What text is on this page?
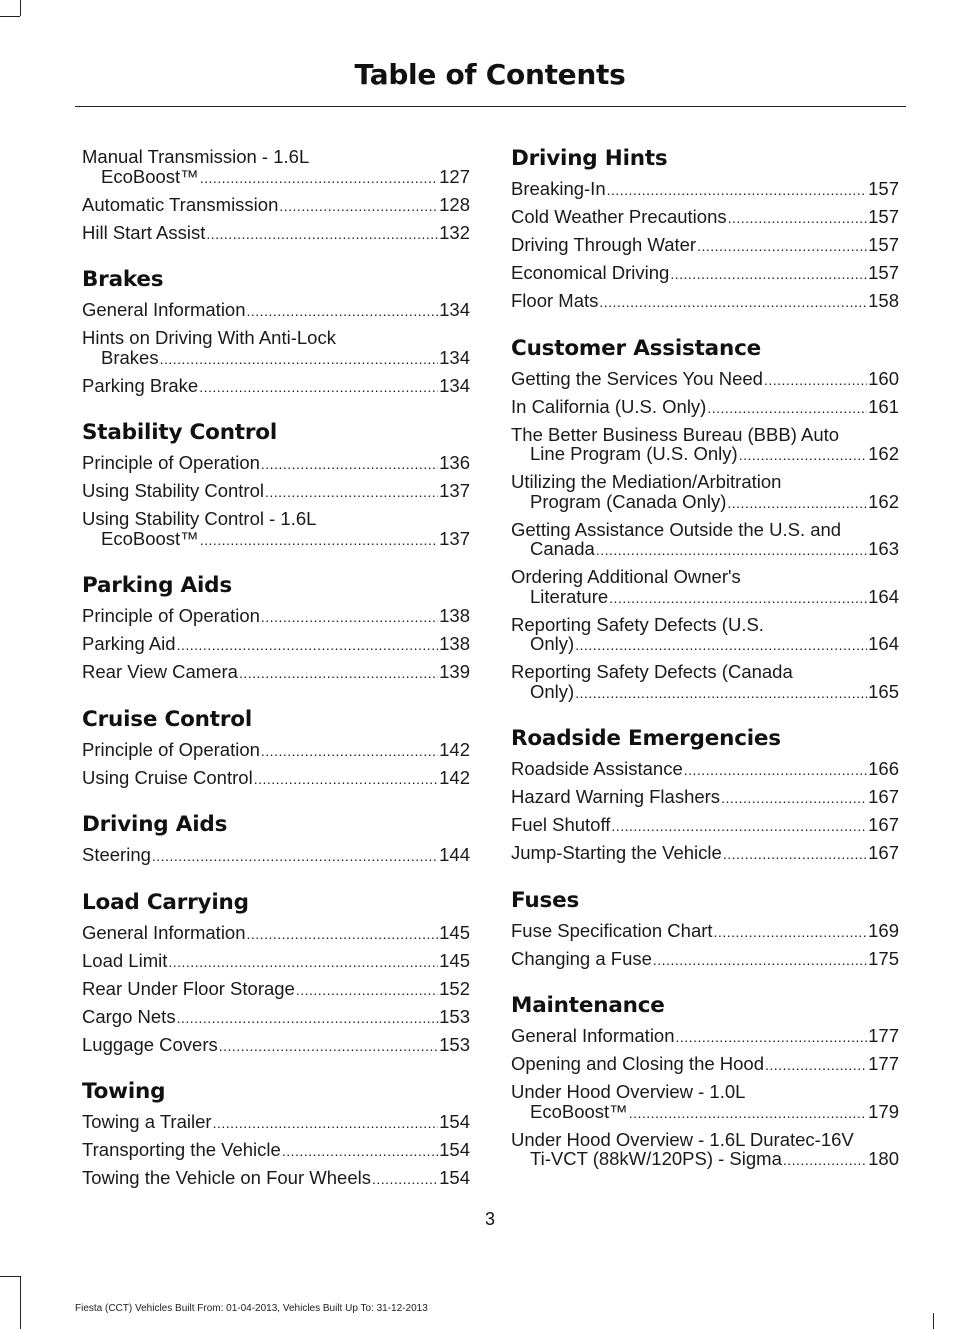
Table of Contents
Manual Transmission - 1.6L
EcoBoost™ .....	127
Automatic Transmission .....	128
Hill Start Assist .....	132
Brakes
General Information .....	134
Hints on Driving With Anti-Lock
Brakes .....	134
Parking Brake .....	134
Stability Control
Principle of Operation .....	136
Using Stability Control .....	137
Using Stability Control - 1.6L
EcoBoost™ .....	137
Parking Aids
Principle of Operation .....	138
Parking Aid .....	138
Rear View Camera .....	139
Cruise Control
Principle of Operation .....	142
Using Cruise Control .....	142
Driving Aids
Steering .....	144
Load Carrying
General Information .....	145
Load Limit .....	145
Rear Under Floor Storage .....	152
Cargo Nets .....	153
Luggage Covers .....	153
Towing
Towing a Trailer .....	154
Transporting the Vehicle .....	154
Towing the Vehicle on Four Wheels .....	154
Driving Hints
Breaking-In .....	157
Cold Weather Precautions .....	157
Driving Through Water .....	157
Economical Driving .....	157
Floor Mats .....	158
Customer Assistance
Getting the Services You Need .....	160
In California (U.S. Only) .....	161
The Better Business Bureau (BBB) Auto
Line Program (U.S. Only) .....	162
Utilizing the Mediation/Arbitration
Program (Canada Only) .....	162
Getting Assistance Outside the U.S. and
Canada .....	163
Ordering Additional Owner's
Literature .....	164
Reporting Safety Defects (U.S.
Only) .....	164
Reporting Safety Defects (Canada
Only) .....	165
Roadside Emergencies
Roadside Assistance .....	166
Hazard Warning Flashers .....	167
Fuel Shutoff .....	167
Jump-Starting the Vehicle .....	167
Fuses
Fuse Specification Chart .....	169
Changing a Fuse .....	175
Maintenance
General Information .....	177
Opening and Closing the Hood .....	177
Under Hood Overview - 1.0L
EcoBoost™ .....	179
Under Hood Overview - 1.6L Duratec-16V
Ti-VCT (88kW/120PS) - Sigma .....	180
3
Fiesta (CCT) Vehicles Built From: 01-04-2013, Vehicles Built Up To: 31-12-2013
